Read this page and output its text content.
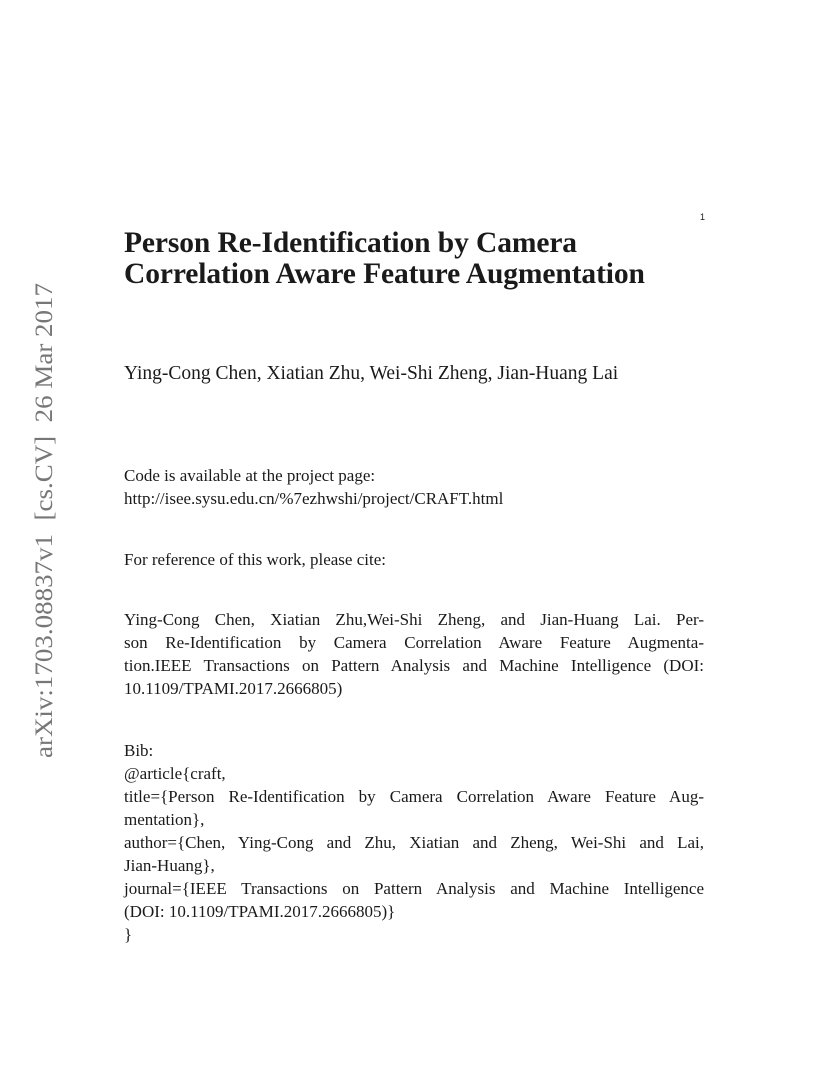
1
arXiv:1703.08837v1  [cs.CV]  26 Mar 2017
Person Re-Identification by Camera
Correlation Aware Feature Augmentation
Ying-Cong Chen, Xiatian Zhu, Wei-Shi Zheng, Jian-Huang Lai
Code is available at the project page:
http://isee.sysu.edu.cn/%7ezhwshi/project/CRAFT.html
For reference of this work, please cite:
Ying-Cong Chen, Xiatian Zhu,Wei-Shi Zheng, and Jian-Huang Lai. Per-
son Re-Identification by Camera Correlation Aware Feature Augmenta-
tion.IEEE Transactions on Pattern Analysis and Machine Intelligence (DOI:
10.1109/TPAMI.2017.2666805)
Bib:
@article{craft,
title={Person Re-Identification by Camera Correlation Aware Feature Aug-
mentation},
author={Chen, Ying-Cong and Zhu, Xiatian and Zheng, Wei-Shi and Lai,
Jian-Huang},
journal={IEEE Transactions on Pattern Analysis and Machine Intelligence
(DOI: 10.1109/TPAMI.2017.2666805)}
}
